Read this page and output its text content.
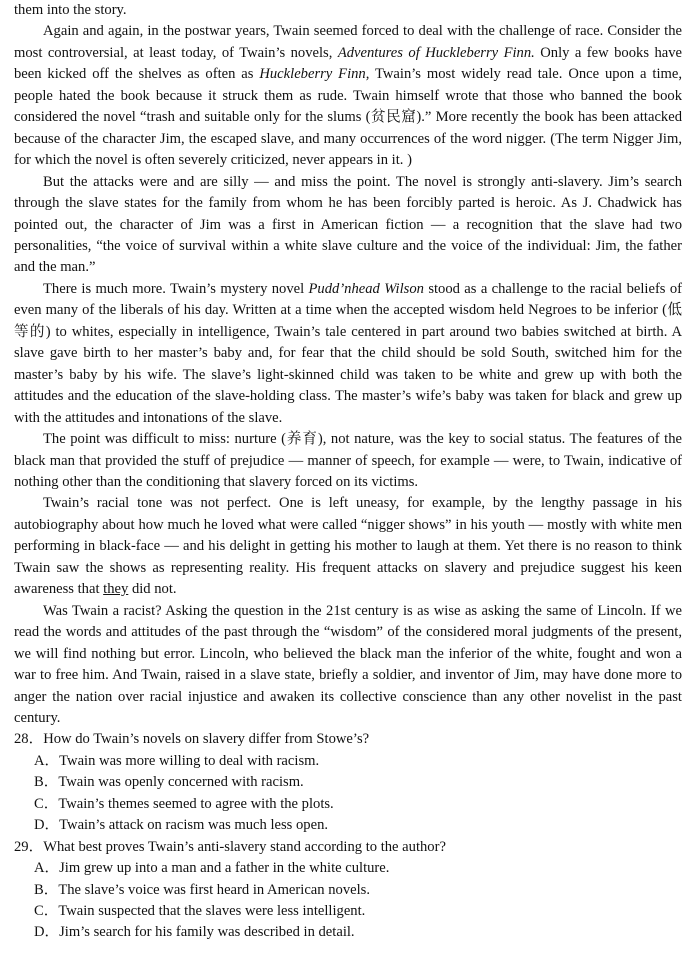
them into the story.

Again and again, in the postwar years, Twain seemed forced to deal with the challenge of race. Consider the most controversial, at least today, of Twain’s novels, Adventures of Huckleberry Finn. Only a few books have been kicked off the shelves as often as Huckleberry Finn, Twain’s most widely read tale. Once upon a time, people hated the book because it struck them as rude. Twain himself wrote that those who banned the book considered the novel “trash and suitable only for the slums (贫民窟).” More recently the book has been attacked because of the character Jim, the escaped slave, and many occurrences of the word nigger. (The term Nigger Jim, for which the novel is often severely criticized, never appears in it. )

But the attacks were and are silly — and miss the point. The novel is strongly anti-slavery. Jim’s search through the slave states for the family from whom he has been forcibly parted is heroic. As J. Chadwick has pointed out, the character of Jim was a first in American fiction — a recognition that the slave had two personalities, “the voice of survival within a white slave culture and the voice of the individual: Jim, the father and the man.”

There is much more. Twain’s mystery novel Pudd’nhead Wilson stood as a challenge to the racial beliefs of even many of the liberals of his day. Written at a time when the accepted wisdom held Negroes to be inferior (低等的) to whites, especially in intelligence, Twain’s tale centered in part around two babies switched at birth. A slave gave birth to her master’s baby and, for fear that the child should be sold South, switched him for the master’s baby by his wife. The slave’s light-skinned child was taken to be white and grew up with both the attitudes and the education of the slave-holding class. The master’s wife’s baby was taken for black and grew up with the attitudes and intonations of the slave.

The point was difficult to miss: nurture (养育), not nature, was the key to social status. The features of the black man that provided the stuff of prejudice — manner of speech, for example — were, to Twain, indicative of nothing other than the conditioning that slavery forced on its victims.

Twain’s racial tone was not perfect. One is left uneasy, for example, by the lengthy passage in his autobiography about how much he loved what were called “nigger shows” in his youth — mostly with white men performing in black-face — and his delight in getting his mother to laugh at them. Yet there is no reason to think Twain saw the shows as representing reality. His frequent attacks on slavery and prejudice suggest his keen awareness that they did not.

Was Twain a racist? Asking the question in the 21st century is as wise as asking the same of Lincoln. If we read the words and attitudes of the past through the “wisdom” of the considered moral judgments of the present, we will find nothing but error. Lincoln, who believed the black man the inferior of the white, fought and won a war to free him. And Twain, raised in a slave state, briefly a soldier, and inventor of Jim, may have done more to anger the nation over racial injustice and awaken its collective conscience than any other novelist in the past century.

28．How do Twain’s novels on slavery differ from Stowe’s?

A．Twain was more willing to deal with racism.

B．Twain was openly concerned with racism.

C．Twain’s themes seemed to agree with the plots.

D．Twain’s attack on racism was much less open.

29．What best proves Twain’s anti-slavery stand according to the author?

A．Jim grew up into a man and a father in the white culture.

B．The slave’s voice was first heard in American novels.

C．Twain suspected that the slaves were less intelligent.

D．Jim’s search for his family was described in detail.
